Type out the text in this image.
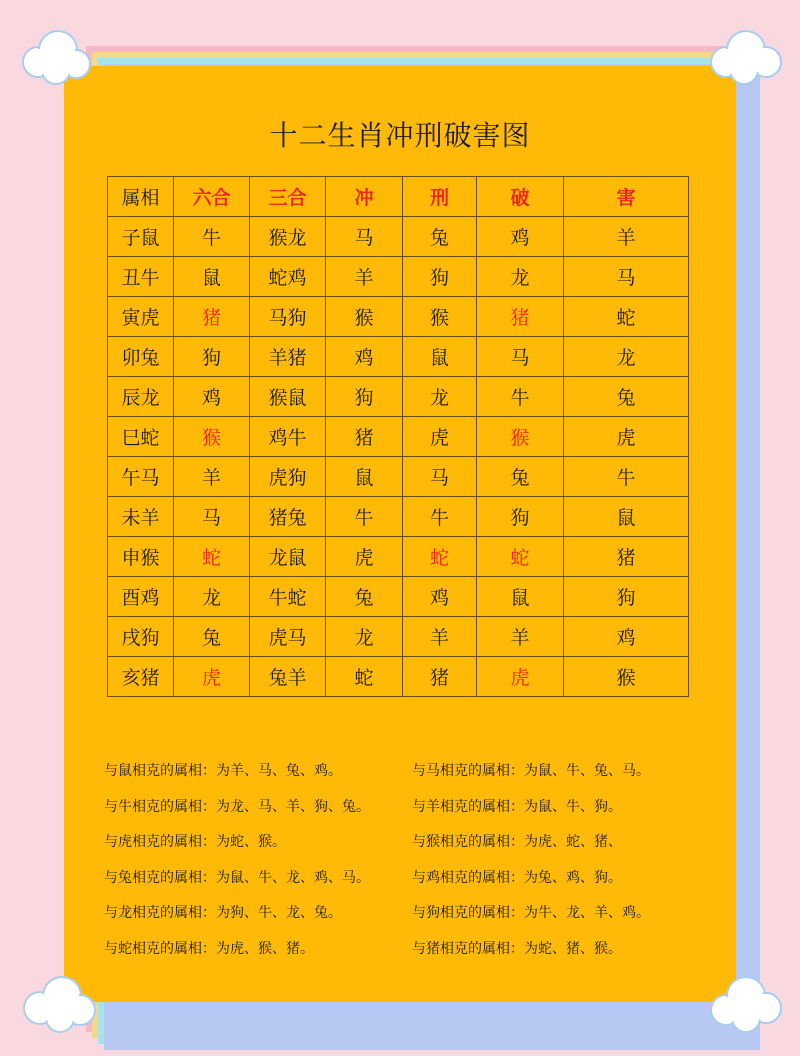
十二生肖冲刑破害图
属相	六合	三合	冲	刑	破	害
子鼠	牛	猴龙	马	兔	鸡	羊
丑牛	鼠	蛇鸡	羊	狗	龙	马
寅虎	猪	马狗	猴	猴	猪	蛇
卯兔	狗	羊猪	鸡	鼠	马	龙
辰龙	鸡	猴鼠	狗	龙	牛	兔
巳蛇	猴	鸡牛	猪	虎	猴	虎
午马	羊	虎狗	鼠	马	兔	牛
未羊	马	猪兔	牛	牛	狗	鼠
申猴	蛇	龙鼠	虎	蛇	蛇	猪
酉鸡	龙	牛蛇	兔	鸡	鼠	狗
戌狗	兔	虎马	龙	羊	羊	鸡
亥猪	虎	兔羊	蛇	猪	虎	猴
与鼠相克的属相：为羊、马、兔、鸡。
与牛相克的属相：为龙、马、羊、狗、兔。
与虎相克的属相：为蛇、猴。
与兔相克的属相：为鼠、牛、龙、鸡、马。
与龙相克的属相：为狗、牛、龙、兔。
与蛇相克的属相：为虎、猴、猪。
与马相克的属相：为鼠、牛、兔、马。
与羊相克的属相：为鼠、牛、狗。
与猴相克的属相：为虎、蛇、猪、
与鸡相克的属相：为兔、鸡、狗。
与狗相克的属相：为牛、龙、羊、鸡。
与猪相克的属相：为蛇、猪、猴。
